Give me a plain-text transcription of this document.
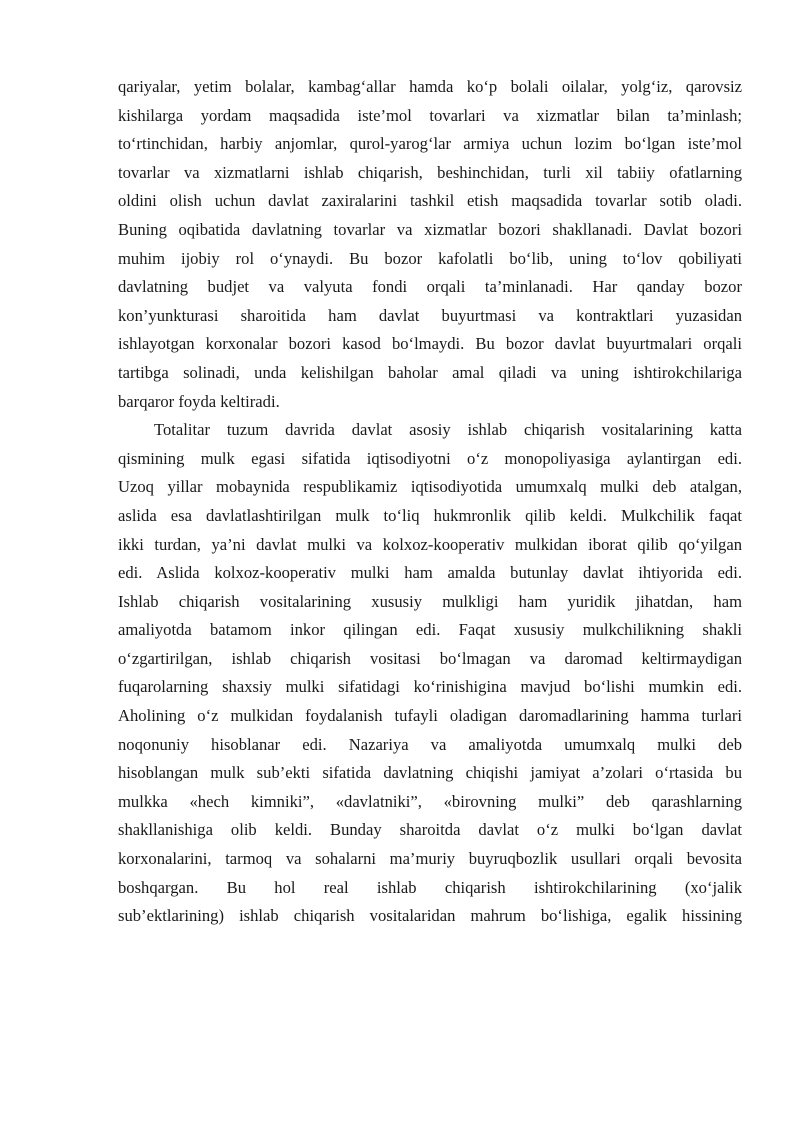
qariyalar, yetim bolalar, kambag‘allar hamda ko‘p bolali oilalar, yolg‘iz, qarovsiz
kishilarga yordam maqsadida iste’mol tovarlari va xizmatlar bilan ta’minlash;
to‘rtinchidan, harbiy anjomlar, qurol-yarog‘lar armiya uchun lozim bo‘lgan iste’mol
tovarlar va xizmatlarni ishlab chiqarish, beshinchidan, turli xil tabiiy ofatlarning
oldini olish uchun davlat zaxiralarini tashkil etish maqsadida tovarlar sotib oladi.
Buning oqibatida davlatning tovarlar va xizmatlar bozori shakllanadi. Davlat bozori
muhim ijobiy rol o‘ynaydi. Bu bozor kafolatli bo‘lib, uning to‘lov qobiliyati
davlatning budjet va valyuta fondi orqali ta’minlanadi. Har qanday bozor
kon’yunkturasi sharoitida ham davlat buyurtmasi va kontraktlari yuzasidan
ishlayotgan korxonalar bozori kasod bo‘lmaydi. Bu bozor davlat buyurtmalari orqali
tartibga solinadi, unda kelishilgan baholar amal qiladi va uning ishtirokchilariga
barqaror foyda keltiradi.
Totalitar tuzum davrida davlat asosiy ishlab chiqarish vositalarining katta
qismining mulk egasi sifatida iqtisodiyotni o‘z monopoliyasiga aylantirgan edi.
Uzoq yillar mobaynida respublikamiz iqtisodiyotida umumxalq mulki deb atalgan,
aslida esa davlatlashtirilgan mulk to‘liq hukmronlik qilib keldi. Mulkchilik faqat
ikki turdan, ya’ni davlat mulki va kolxoz-kooperativ mulkidan iborat qilib qo‘yilgan
edi. Aslida kolxoz-kooperativ mulki ham amalda butunlay davlat ihtiyorida edi.
Ishlab chiqarish vositalarining xususiy mulkligi ham yuridik jihatdan, ham
amaliyotda batamom inkor qilingan edi. Faqat xususiy mulkchilikning shakli
o‘zgartirilgan, ishlab chiqarish vositasi bo‘lmagan va daromad keltirmaydigan
fuqarolarning shaxsiy mulki sifatidagi ko‘rinishigina mavjud bo‘lishi mumkin edi.
Aholining o‘z mulkidan foydalanish tufayli oladigan daromadlarining hamma turlari
noqonuniy hisoblanar edi. Nazariya va amaliyotda umumxalq mulki deb
hisoblangan mulk sub’ekti sifatida davlatning chiqishi jamiyat a’zolari o‘rtasida bu
mulkka «hech kimniki”, «davlatniki”, «birovning mulki” deb qarashlarning
shakllanishiga olib keldi. Bunday sharoitda davlat o‘z mulki bo‘lgan davlat
korxonalarini, tarmoq va sohalarni ma’muriy buyruqbozlik usullari orqali bevosita
boshqargan. Bu hol real ishlab chiqarish ishtirokchilarining (xo‘jalik
sub’ektlarining) ishlab chiqarish vositalaridan mahrum bo‘lishiga, egalik hissining
